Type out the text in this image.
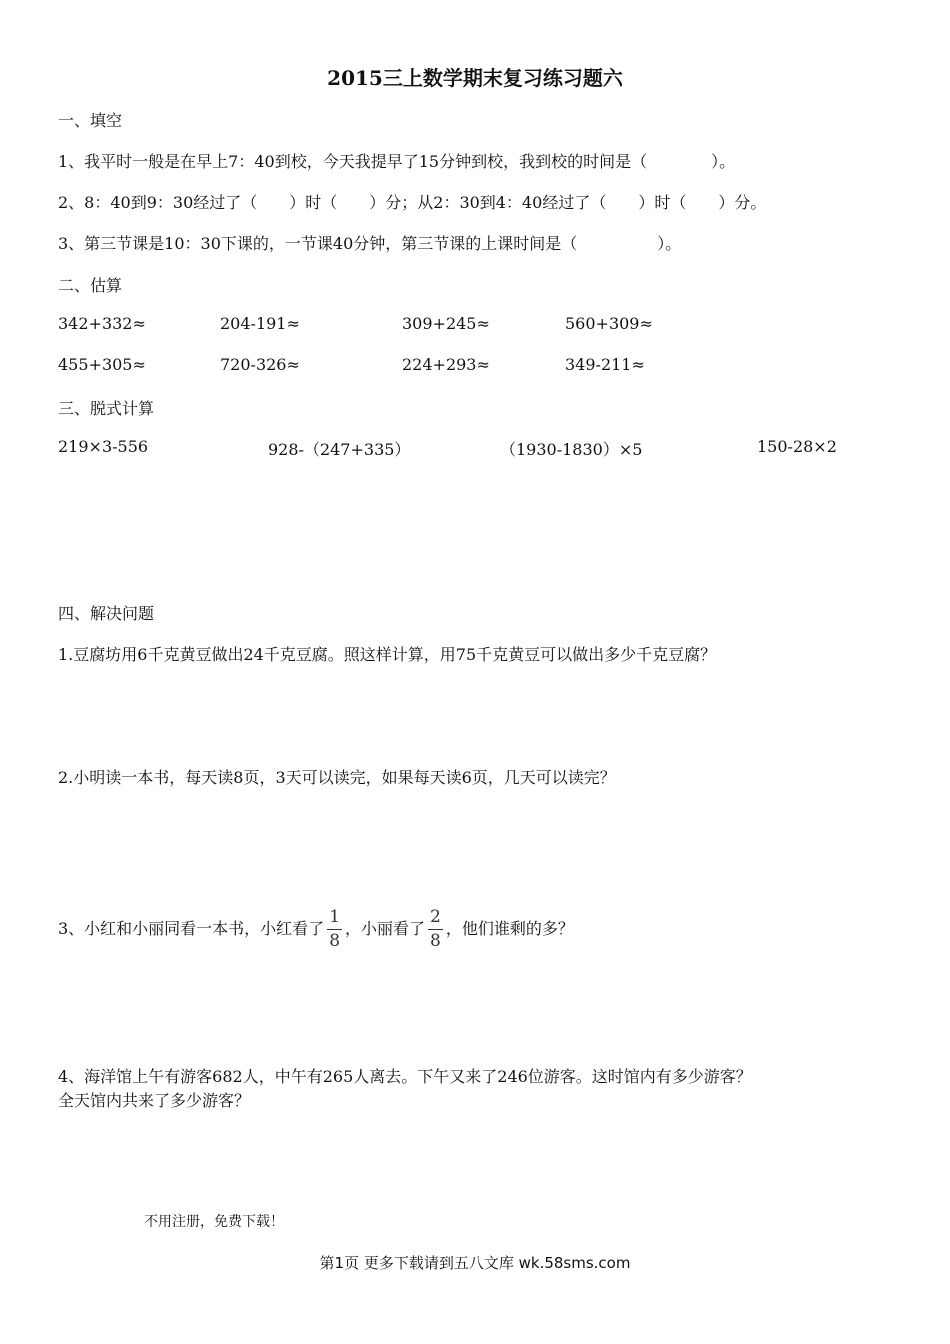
2015三上数学期末复习练习题六
一、填空
1、我平时一般是在早上7：40到校，今天我提早了15分钟到校，我到校的时间是（　　　　）。
2、8：40到9：30经过了（　　）时（　　）分；从2：30到4：40经过了（　　）时（　　）分。
3、第三节课是10：30下课的，一节课40分钟，第三节课的上课时间是（　　　　　）。
二、估算
342+332≈	204-191≈	309+245≈	560+309≈
455+305≈	720-326≈	224+293≈	349-211≈
三、脱式计算
219×3-556	928-（247+335）	（1930-1830）×5	150-28×2
四、解决问题
1.豆腐坊用6千克黄豆做出24千克豆腐。照这样计算，用75千克黄豆可以做出多少千克豆腐？
2.小明读一本书，每天读8页，3天可以读完，如果每天读6页，几天可以读完？
3、小红和小丽同看一本书，小红看了 $\frac{1}{8}$ ，小丽看了 $\frac{2}{8}$ ，他们谁剩的多？
4、海洋馆上午有游客682人，中午有265人离去。下午又来了246位游客。这时馆内有多少游客？
全天馆内共来了多少游客？
不用注册，免费下载！
第1页 更多下载请到五八文库 wk.58sms.com
